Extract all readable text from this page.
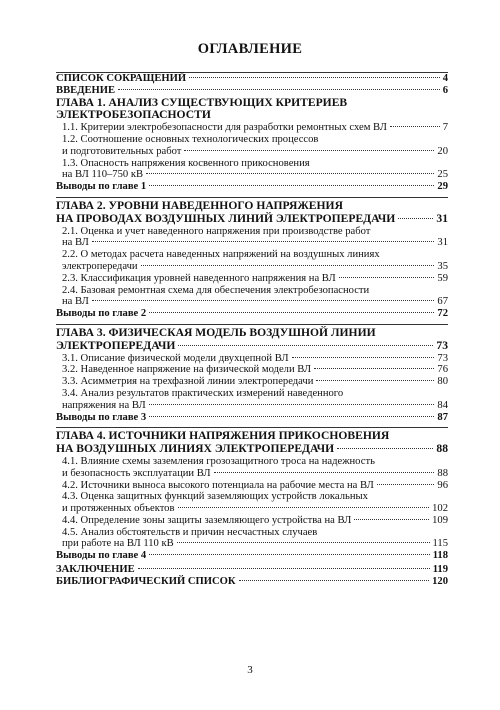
ОГЛАВЛЕНИЕ
СПИСОК СОКРАЩЕНИЙ	4
ВВЕДЕНИЕ	6
ГЛАВА 1. АНАЛИЗ СУЩЕСТВУЮЩИХ КРИТЕРИЕВ
ЭЛЕКТРОБЕЗОПАСНОСТИ
1.1. Критерии электробезопасности для разработки ремонтных схем ВЛ	7
1.2. Соотношение основных технологических процессов
и подготовительных работ	20
1.3. Опасность напряжения косвенного прикосновения
на ВЛ 110–750 кВ	25
Выводы по главе 1	29
ГЛАВА 2. УРОВНИ НАВЕДЕННОГО НАПРЯЖЕНИЯ
НА ПРОВОДАХ ВОЗДУШНЫХ ЛИНИЙ ЭЛЕКТРОПЕРЕДАЧИ	31
2.1. Оценка и учет наведенного напряжения при производстве работ
на ВЛ	31
2.2. О методах расчета наведенных напряжений на воздушных линиях
электропередачи	35
2.3. Классификация уровней наведенного напряжения на ВЛ	59
2.4. Базовая ремонтная схема для обеспечения электробезопасности
на ВЛ	67
Выводы по главе 2	72
ГЛАВА 3. ФИЗИЧЕСКАЯ МОДЕЛЬ ВОЗДУШНОЙ ЛИНИИ
ЭЛЕКТРОПЕРЕДАЧИ	73
3.1. Описание физической модели двухцепной ВЛ	73
3.2. Наведенное напряжение на физической модели ВЛ	76
3.3. Асимметрия на трехфазной линии электропередачи	80
3.4. Анализ результатов практических измерений наведенного
напряжения на ВЛ	84
Выводы по главе 3	87
ГЛАВА 4. ИСТОЧНИКИ НАПРЯЖЕНИЯ ПРИКОСНОВЕНИЯ
НА ВОЗДУШНЫХ ЛИНИЯХ ЭЛЕКТРОПЕРЕДАЧИ	88
4.1. Влияние схемы заземления грозозащитного троса на надежность
и безопасность эксплуатации ВЛ	88
4.2. Источники выноса высокого потенциала на рабочие места на ВЛ	96
4.3. Оценка защитных функций заземляющих устройств локальных
и протяженных объектов	102
4.4. Определение зоны защиты заземляющего устройства на ВЛ	109
4.5. Анализ обстоятельств и причин несчастных случаев
при работе на ВЛ 110 кВ	115
Выводы по главе 4	118
ЗАКЛЮЧЕНИЕ	119
БИБЛИОГРАФИЧЕСКИЙ СПИСОК	120
3
